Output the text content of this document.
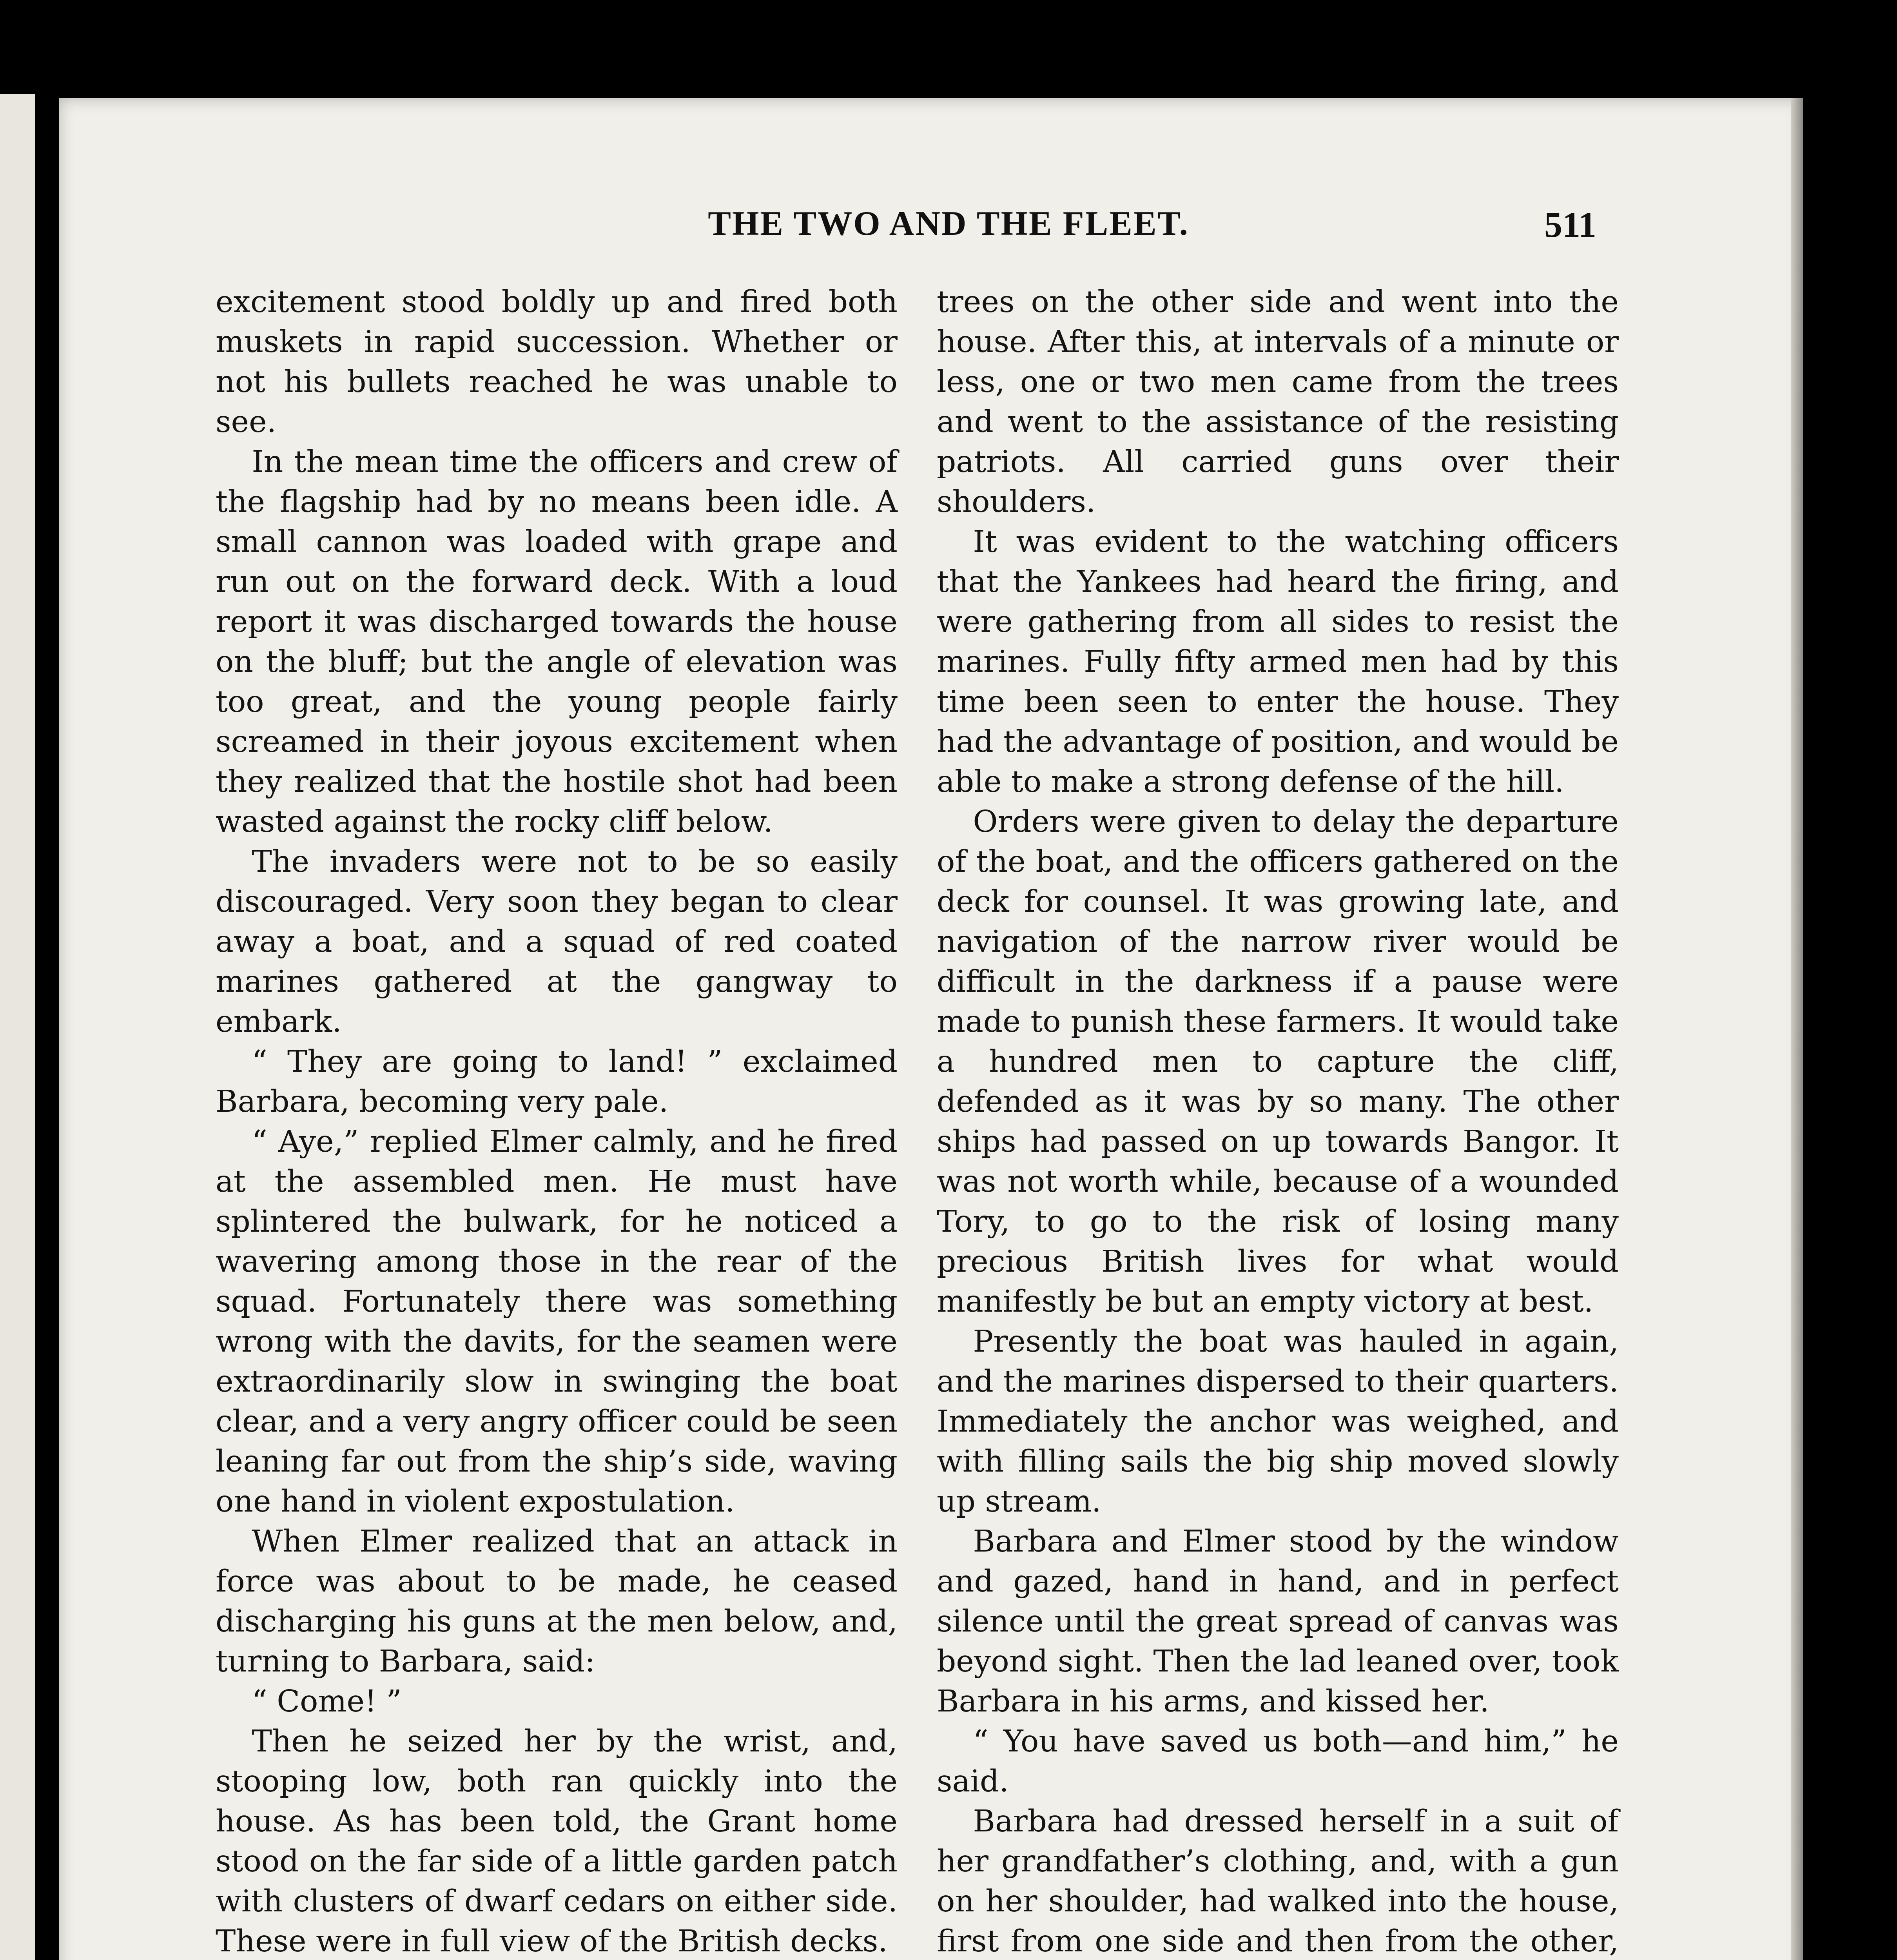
THE TWO AND THE FLEET.	511

excitement stood boldly up and fired both muskets in rapid succession. Whether or not his bullets reached he was unable to see.

In the mean time the officers and crew of the flagship had by no means been idle. A small cannon was loaded with grape and run out on the forward deck. With a loud report it was discharged towards the house on the bluff; but the angle of elevation was too great, and the young people fairly screamed in their joyous excitement when they realized that the hostile shot had been wasted against the rocky cliff below.

The invaders were not to be so easily discouraged. Very soon they began to clear away a boat, and a squad of red coated marines gathered at the gangway to embark.

“ They are going to land! ” exclaimed Barbara, becoming very pale.

“ Aye,” replied Elmer calmly, and he fired at the assembled men. He must have splintered the bulwark, for he noticed a wavering among those in the rear of the squad. Fortunately there was something wrong with the davits, for the seamen were extraordinarily slow in swinging the boat clear, and a very angry officer could be seen leaning far out from the ship’s side, waving one hand in violent expostulation.

When Elmer realized that an attack in force was about to be made, he ceased discharging his guns at the men below, and, turning to Barbara, said:

“ Come! ”

Then he seized her by the wrist, and, stooping low, both ran quickly into the house. As has been told, the Grant home stood on the far side of a little garden patch with clusters of dwarf cedars on either side. These were in full view of the British decks.

trees on the other side and went into the house. After this, at intervals of a minute or less, one or two men came from the trees and went to the assistance of the resisting patriots. All carried guns over their shoulders.

It was evident to the watching officers that the Yankees had heard the firing, and were gathering from all sides to resist the marines. Fully fifty armed men had by this time been seen to enter the house. They had the advantage of position, and would be able to make a strong defense of the hill.

Orders were given to delay the departure of the boat, and the officers gathered on the deck for counsel. It was growing late, and navigation of the narrow river would be difficult in the darkness if a pause were made to punish these farmers. It would take a hundred men to capture the cliff, defended as it was by so many. The other ships had passed on up towards Bangor. It was not worth while, because of a wounded Tory, to go to the risk of losing many precious British lives for what would manifestly be but an empty victory at best.

Presently the boat was hauled in again, and the marines dispersed to their quarters. Immediately the anchor was weighed, and with filling sails the big ship moved slowly up stream.

Barbara and Elmer stood by the window and gazed, hand in hand, and in perfect silence until the great spread of canvas was beyond sight. Then the lad leaned over, took Barbara in his arms, and kissed her.

“ You have saved us both—and him,” he said.

Barbara had dressed herself in a suit of her grandfather’s clothing, and, with a gun on her shoulder, had walked into the house, first from one side and then from the other,
